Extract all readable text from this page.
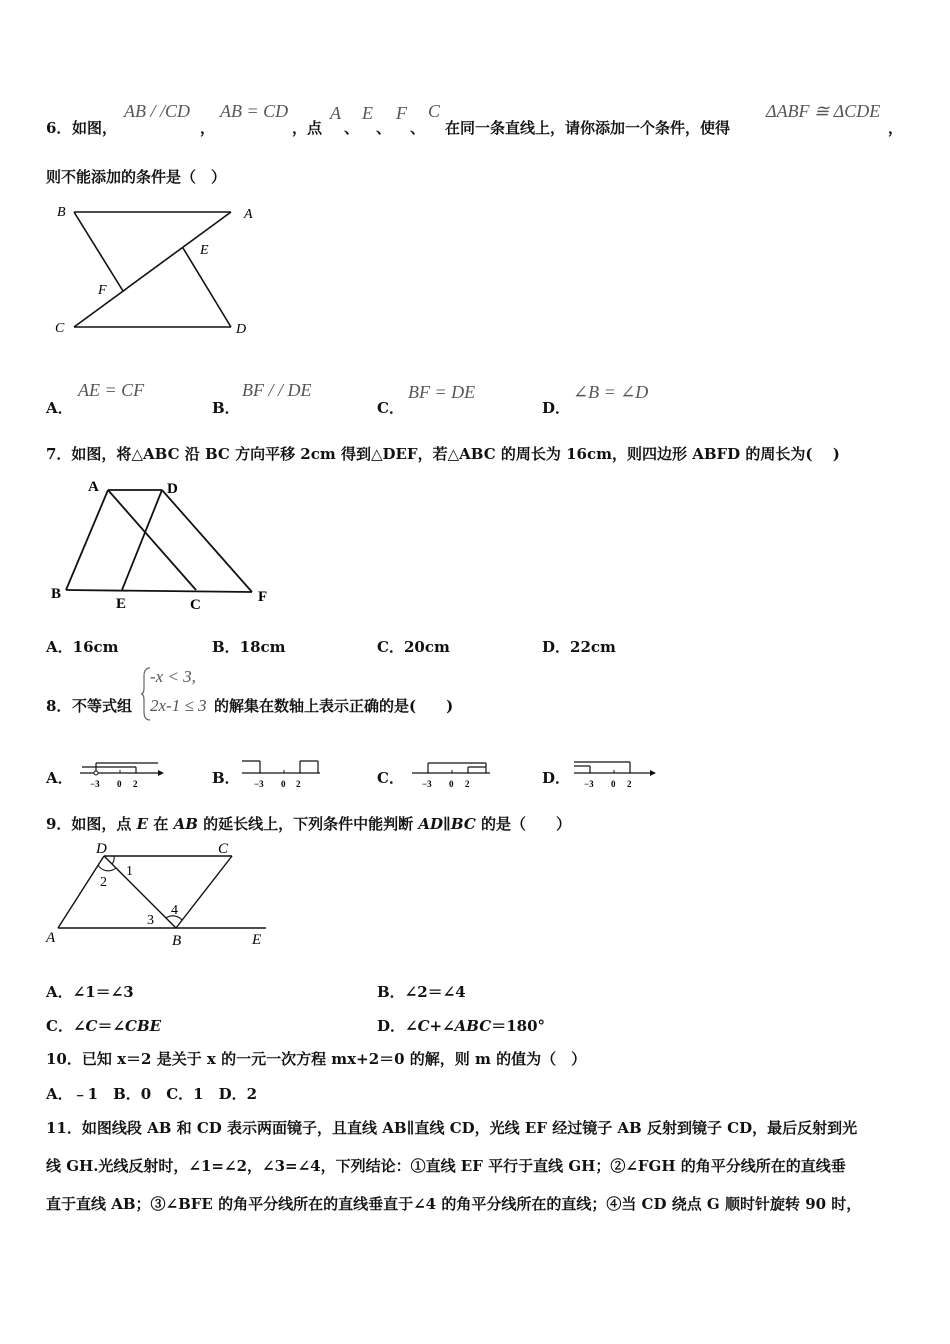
6． 如图，
AB / /CD
，
AB = CD
，点
A
、
E
、
F
、
C
在同一条直线上，请你添加一个条件，使得
ΔABF ≅ ΔCDE
，
则不能添加的条件是（　）
B	A
E
F
C	D
A．
AE = CF
B．
BF / / DE
C．
BF = DE
D．
∠B = ∠D
7．如图，将△ABC 沿 BC 方向平移 2cm 得到△DEF，若△ABC 的周长为 16cm，则四边形 ABFD 的周长为(　 )
A	D
B
E	C	F
A．16cm	B．18cm	C．20cm	D．22cm
8． 不等式组
-x < 3,
2x-1 ≤ 3 的解集在数轴上表示正确的是(　　)
A． −3 0 2	B． −3 0 2	C． −3 0 2	D． −3 0 2
9．如图，点 E 在 AB 的延长线上，下列条件中能判断 AD∥BC 的是（　　）
D	C
A	B	E
1
2
3
4
A．∠1＝∠3	B．∠2＝∠4
C．∠C＝∠CBE	D．∠C+∠ABC＝180°
10．已知 x＝2 是关于 x 的一元一次方程 mx+2＝0 的解，则 m 的值为（　）
A．﹣1　B．0　C．1　D．2
11．如图线段 AB 和 CD 表示两面镜子，且直线 AB∥直线 CD，光线 EF 经过镜子 AB 反射到镜子 CD，最后反射到光
线 GH.光线反射时，∠1=∠2，∠3=∠4，下列结论：①直线 EF 平行于直线 GH；②∠FGH 的角平分线所在的直线垂
直于直线 AB；③∠BFE 的角平分线所在的直线垂直于∠4 的角平分线所在的直线；④当 CD 绕点 G 顺时针旋转 90 时，
